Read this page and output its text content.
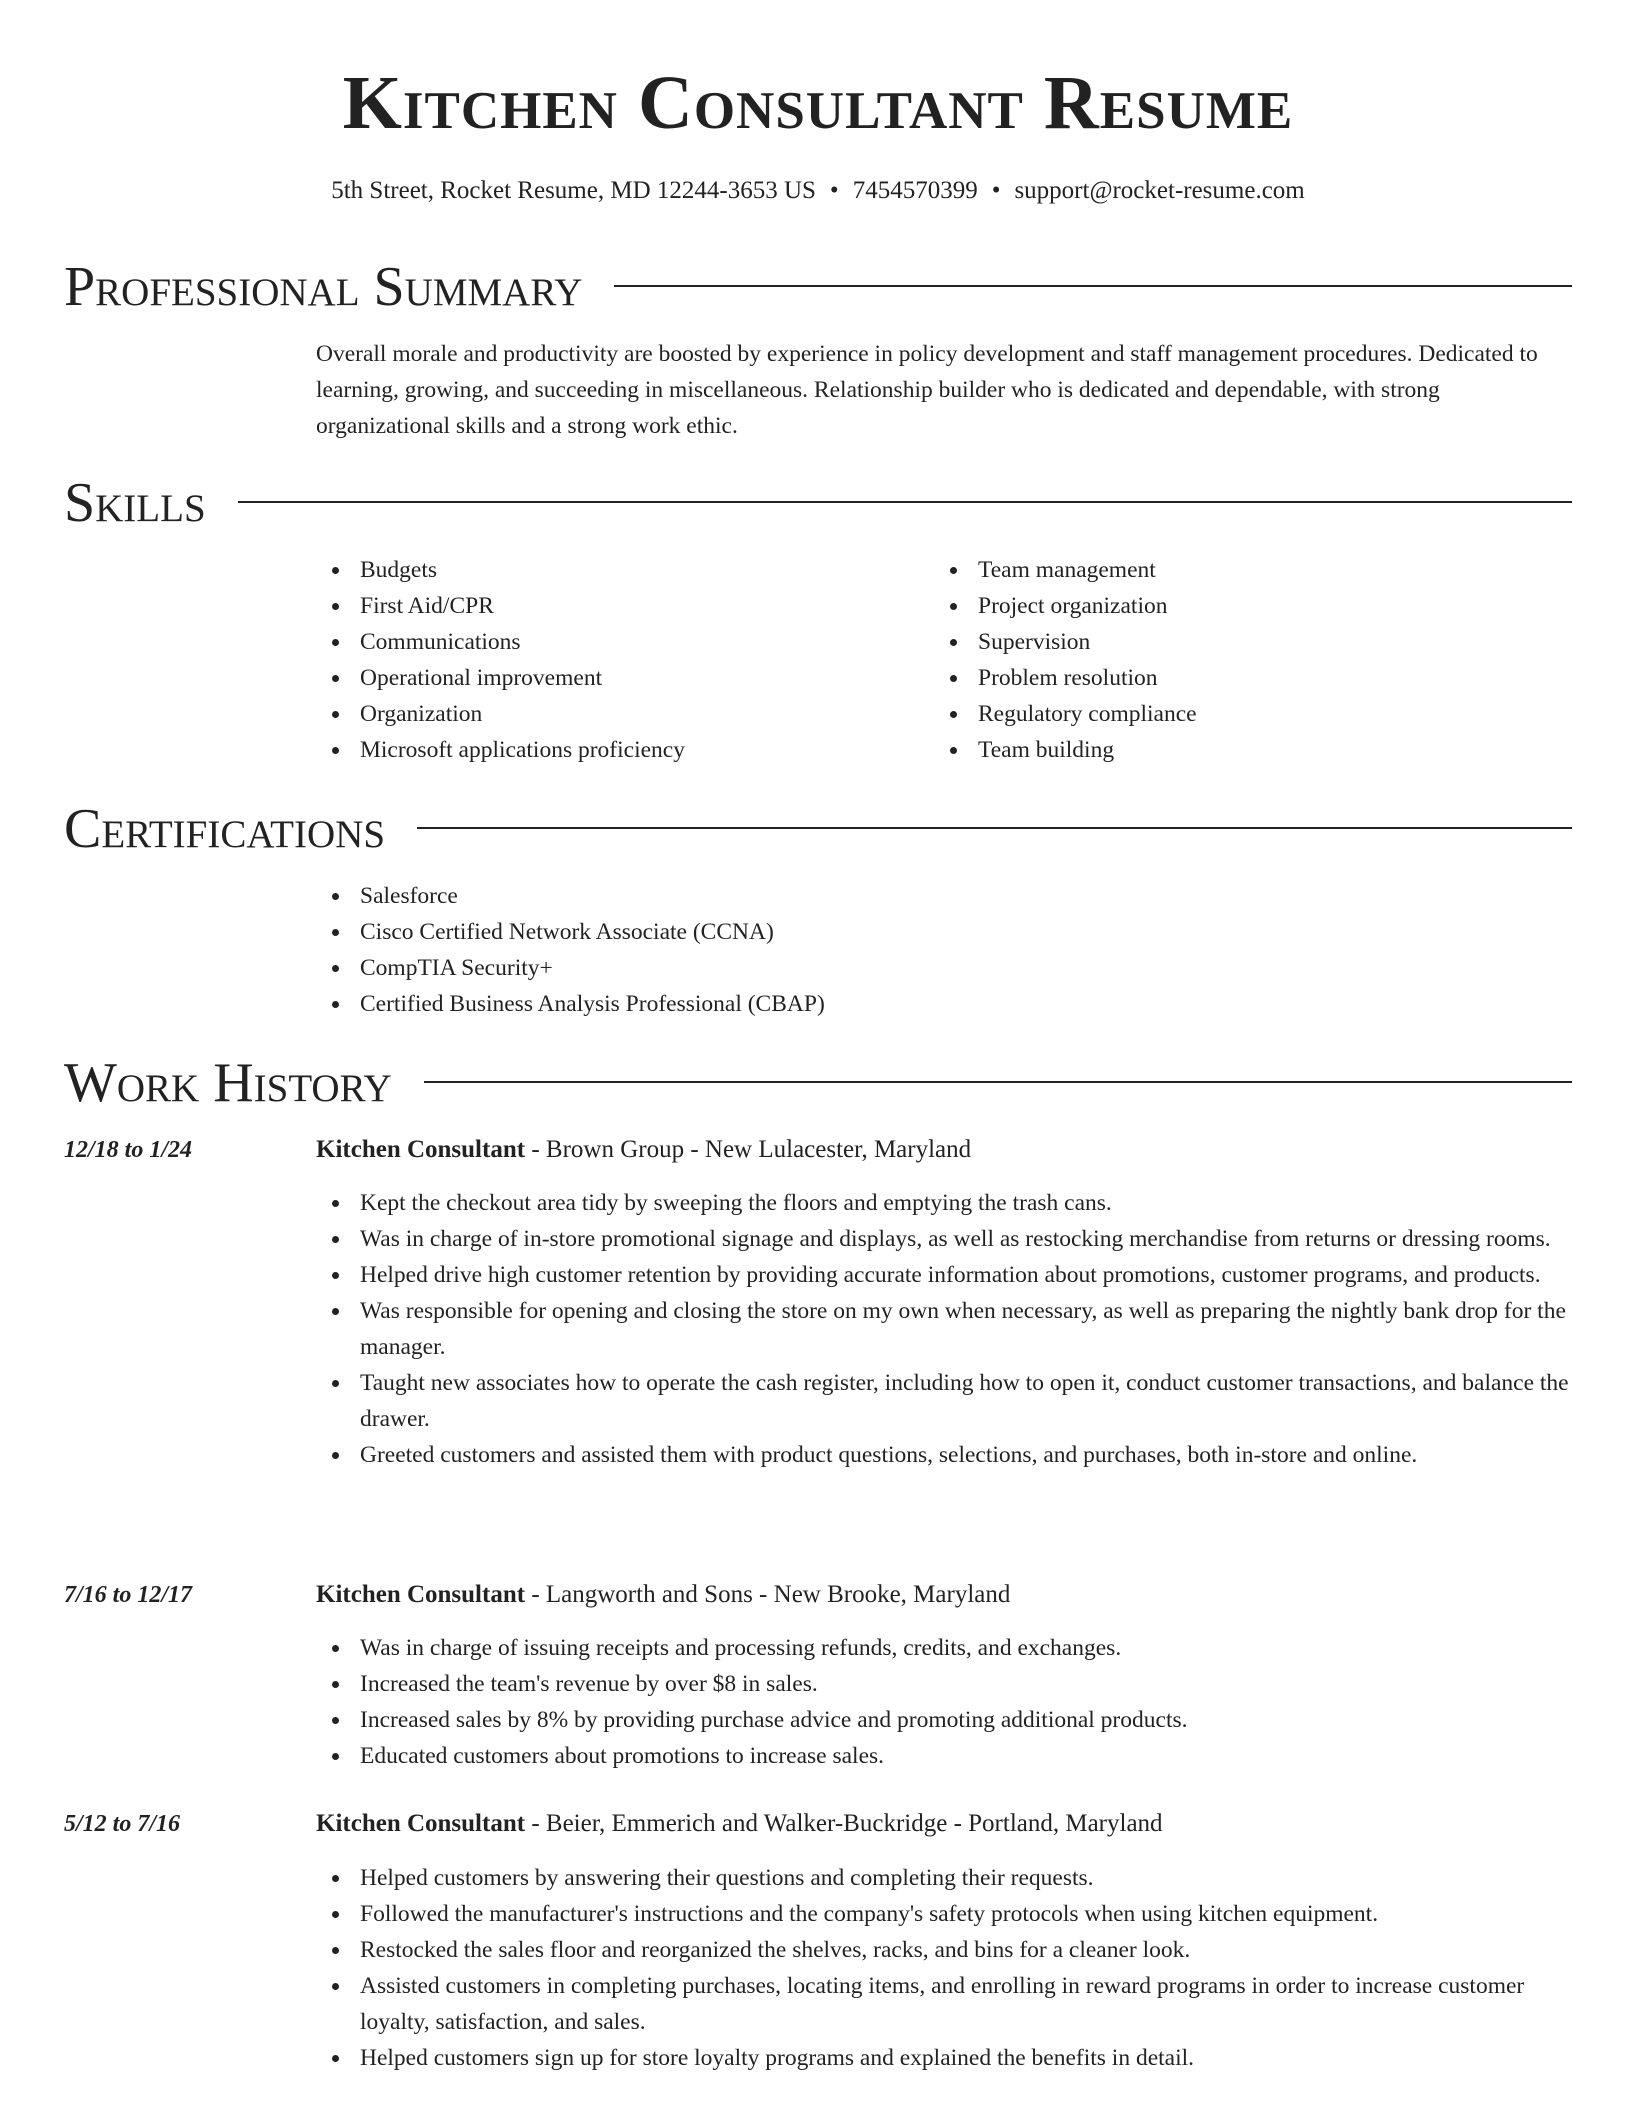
Kitchen Consultant Resume
5th Street, Rocket Resume, MD 12244-3653 US • 7454570399 • support@rocket-resume.com
Professional Summary

Overall morale and productivity are boosted by experience in policy development and staff management procedures. Dedicated to learning, growing, and succeeding in miscellaneous. Relationship builder who is dedicated and dependable, with strong organizational skills and a strong work ethic.

Skills
Budgets
First Aid/CPR
Communications
Operational improvement
Organization
Microsoft applications proficiency
Team management
Project organization
Supervision
Problem resolution
Regulatory compliance
Team building
Certifications
Salesforce
Cisco Certified Network Associate (CCNA)
CompTIA Security+
Certified Business Analysis Professional (CBAP)
Work History
12/18 to 1/24	Kitchen Consultant - Brown Group - New Lulacester, Maryland
Kept the checkout area tidy by sweeping the floors and emptying the trash cans.
Was in charge of in-store promotional signage and displays, as well as restocking merchandise from returns or dressing rooms.
Helped drive high customer retention by providing accurate information about promotions, customer programs, and products.
Was responsible for opening and closing the store on my own when necessary, as well as preparing the nightly bank drop for the manager.
Taught new associates how to operate the cash register, including how to open it, conduct customer transactions, and balance the drawer.
Greeted customers and assisted them with product questions, selections, and purchases, both in-store and online.
7/16 to 12/17	Kitchen Consultant - Langworth and Sons - New Brooke, Maryland
Was in charge of issuing receipts and processing refunds, credits, and exchanges.
Increased the team's revenue by over $8 in sales.
Increased sales by 8% by providing purchase advice and promoting additional products.
Educated customers about promotions to increase sales.
5/12 to 7/16	Kitchen Consultant - Beier, Emmerich and Walker-Buckridge - Portland, Maryland
Helped customers by answering their questions and completing their requests.
Followed the manufacturer's instructions and the company's safety protocols when using kitchen equipment.
Restocked the sales floor and reorganized the shelves, racks, and bins for a cleaner look.
Assisted customers in completing purchases, locating items, and enrolling in reward programs in order to increase customer loyalty, satisfaction, and sales.
Helped customers sign up for store loyalty programs and explained the benefits in detail.
